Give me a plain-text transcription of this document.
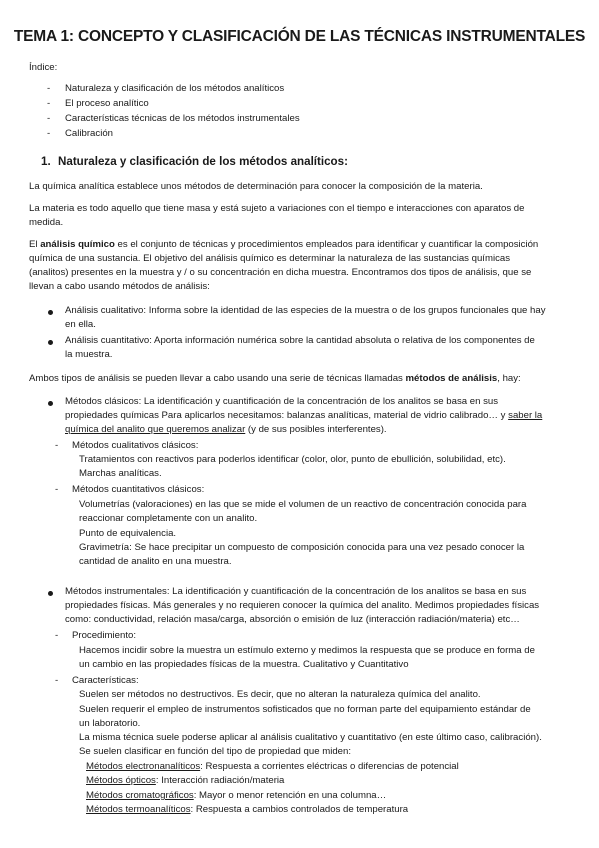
TEMA 1: CONCEPTO Y CLASIFICACIÓN DE LAS TÉCNICAS INSTRUMENTALES
Índice:
- Naturaleza y clasificación de los métodos analíticos
- El proceso analítico
- Características técnicas de los métodos instrumentales
- Calibración
1. Naturaleza y clasificación de los métodos analíticos:
La química analítica establece unos métodos de determinación para conocer la composición de la materia.
La materia es todo aquello que tiene masa y está sujeto a variaciones con el tiempo e interacciones con aparatos de
medida.
El análisis químico es el conjunto de técnicas y procedimientos empleados para identificar y cuantificar la composición
química de una sustancia. El objetivo del análisis químico es determinar la naturaleza de las sustancias químicas
(analitos) presentes en la muestra y / o su concentración en dicha muestra. Encontramos dos tipos de análisis, que se
llevan a cabo usando métodos de análisis:
Análisis cualitativo: Informa sobre la identidad de las especies de la muestra o de los grupos funcionales que hay
en ella.
Análisis cuantitativo: Aporta información numérica sobre la cantidad absoluta o relativa de los componentes de
la muestra.
Ambos tipos de análisis se pueden llevar a cabo usando una serie de técnicas llamadas métodos de análisis, hay:
Métodos clásicos: La identificación y cuantificación de la concentración de los analitos se basa en sus
propiedades químicas Para aplicarlos necesitamos: balanzas analíticas, material de vidrio calibrado… y saber la
química del analito que queremos analizar (y de sus posibles interferentes).
- Métodos cualitativos clásicos:
Tratamientos con reactivos para poderlos identificar (color, olor, punto de ebullición, solubilidad, etc).
Marchas analíticas.
- Métodos cuantitativos clásicos:
Volumetrías (valoraciones) en las que se mide el volumen de un reactivo de concentración conocida para
reaccionar completamente con un analito.
Punto de equivalencia.
Gravimetría: Se hace precipitar un compuesto de composición conocida para una vez pesado conocer la
cantidad de analito en una muestra.
Métodos instrumentales: La identificación y cuantificación de la concentración de los analitos se basa en sus
propiedades físicas. Más generales y no requieren conocer la química del analito. Medimos propiedades físicas
como: conductividad, relación masa/carga, absorción o emisión de luz (interacción radiación/materia) etc…
- Procedimiento:
Hacemos incidir sobre la muestra un estímulo externo y medimos la respuesta que se produce en forma de
un cambio en las propiedades físicas de la muestra. Cualitativo y Cuantitativo
- Características:
Suelen ser métodos no destructivos. Es decir, que no alteran la naturaleza química del analito.
Suelen requerir el empleo de instrumentos sofisticados que no forman parte del equipamiento estándar de
un laboratorio.
La misma técnica suele poderse aplicar al análisis cualitativo y cuantitativo (en este último caso, calibración).
Se suelen clasificar en función del tipo de propiedad que miden:
Métodos electronanalíticos: Respuesta a corrientes eléctricas o diferencias de potencial
Métodos ópticos: Interacción radiación/materia
Métodos cromatográficos: Mayor o menor retención en una columna…
Métodos termoanalíticos: Respuesta a cambios controlados de temperatura
